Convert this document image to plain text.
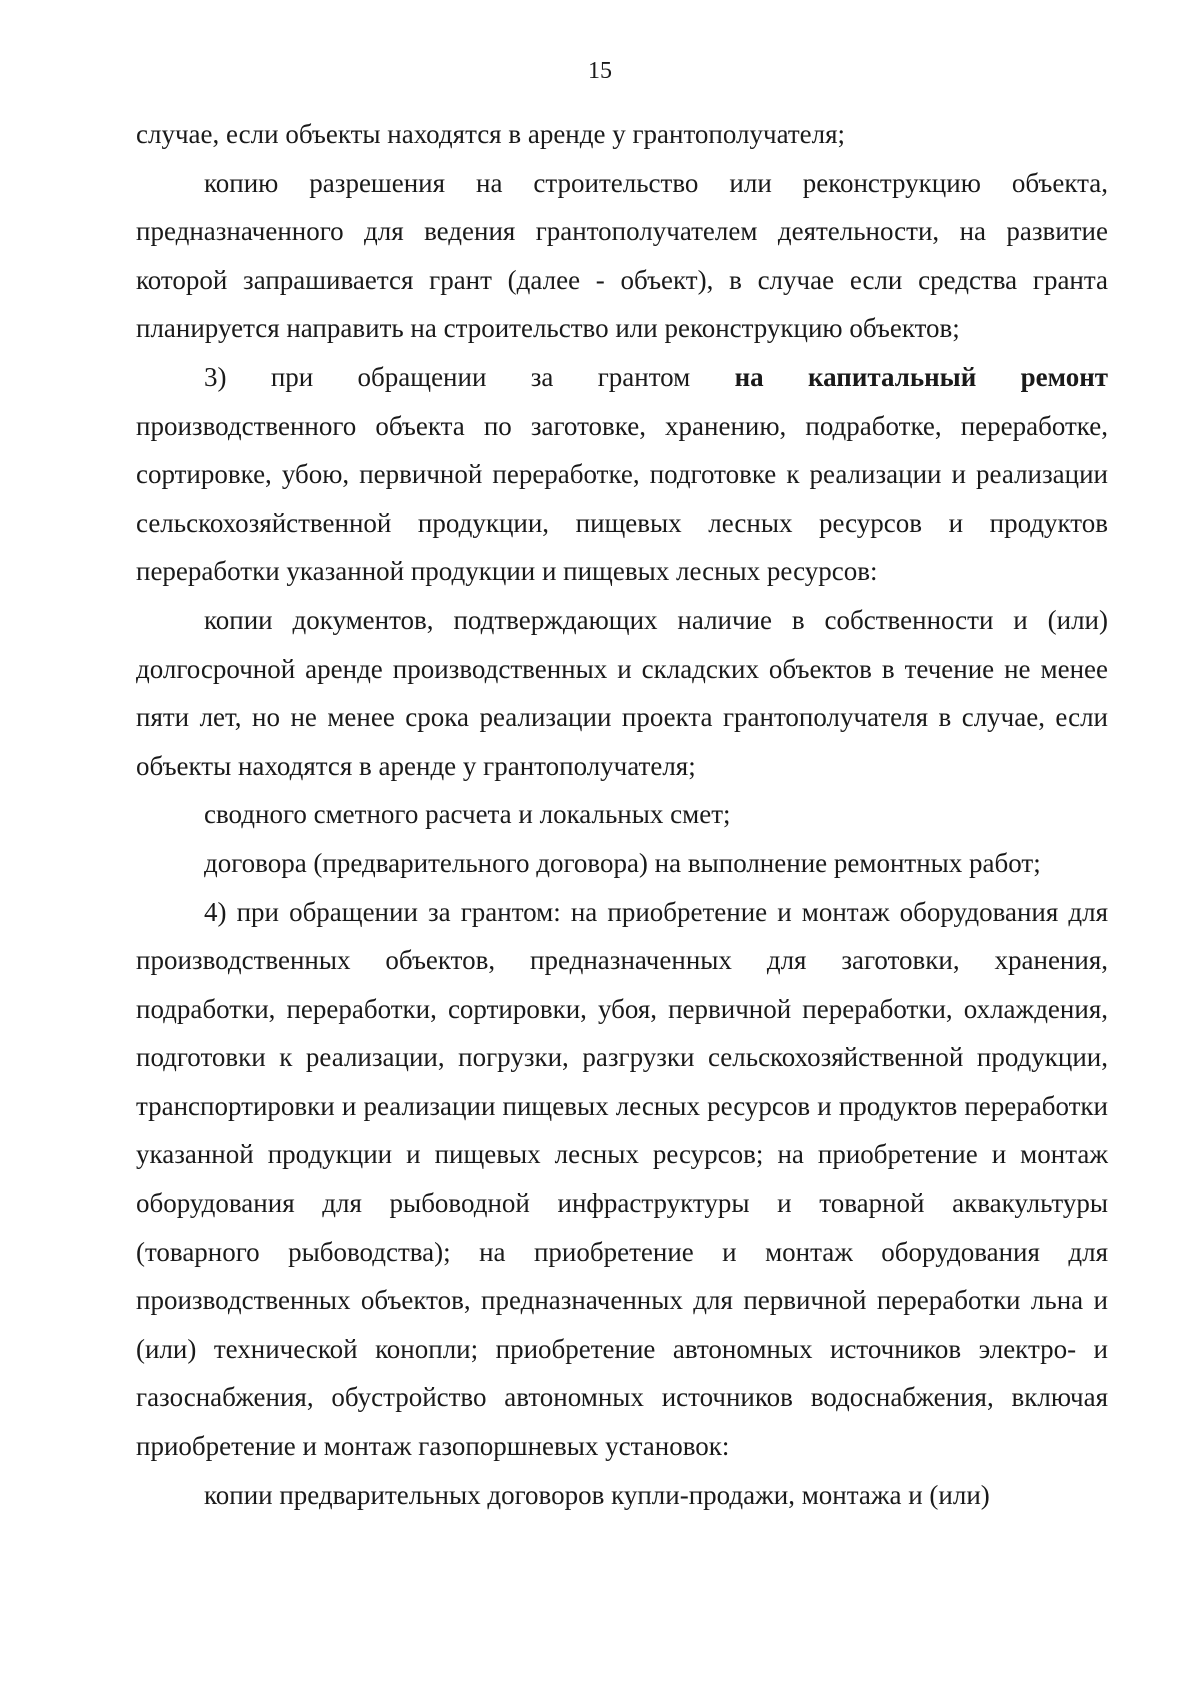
15

случае, если объекты находятся в аренде у грантополучателя;

копию разрешения на строительство или реконструкцию объекта, предназначенного для ведения грантополучателем деятельности, на развитие которой запрашивается грант (далее - объект), в случае если средства гранта планируется направить на строительство или реконструкцию объектов;

3) при обращении за грантом на капитальный ремонт производственного объекта по заготовке, хранению, подработке, переработке, сортировке, убою, первичной переработке, подготовке к реализации и реализации сельскохозяйственной продукции, пищевых лесных ресурсов и продуктов переработки указанной продукции и пищевых лесных ресурсов:

копии документов, подтверждающих наличие в собственности и (или) долгосрочной аренде производственных и складских объектов в течение не менее пяти лет, но не менее срока реализации проекта грантополучателя в случае, если объекты находятся в аренде у грантополучателя;

сводного сметного расчета и локальных смет;

договора (предварительного договора) на выполнение ремонтных работ;

4) при обращении за грантом: на приобретение и монтаж оборудования для производственных объектов, предназначенных для заготовки, хранения, подработки, переработки, сортировки, убоя, первичной переработки, охлаждения, подготовки к реализации, погрузки, разгрузки сельскохозяйственной продукции, транспортировки и реализации пищевых лесных ресурсов и продуктов переработки указанной продукции и пищевых лесных ресурсов; на приобретение и монтаж оборудования для рыбоводной инфраструктуры и товарной аквакультуры (товарного рыбоводства); на приобретение и монтаж оборудования для производственных объектов, предназначенных для первичной переработки льна и (или) технической конопли; приобретение автономных источников электро- и газоснабжения, обустройство автономных источников водоснабжения, включая приобретение и монтаж газопоршневых установок:

копии предварительных договоров купли-продажи, монтажа и (или)
